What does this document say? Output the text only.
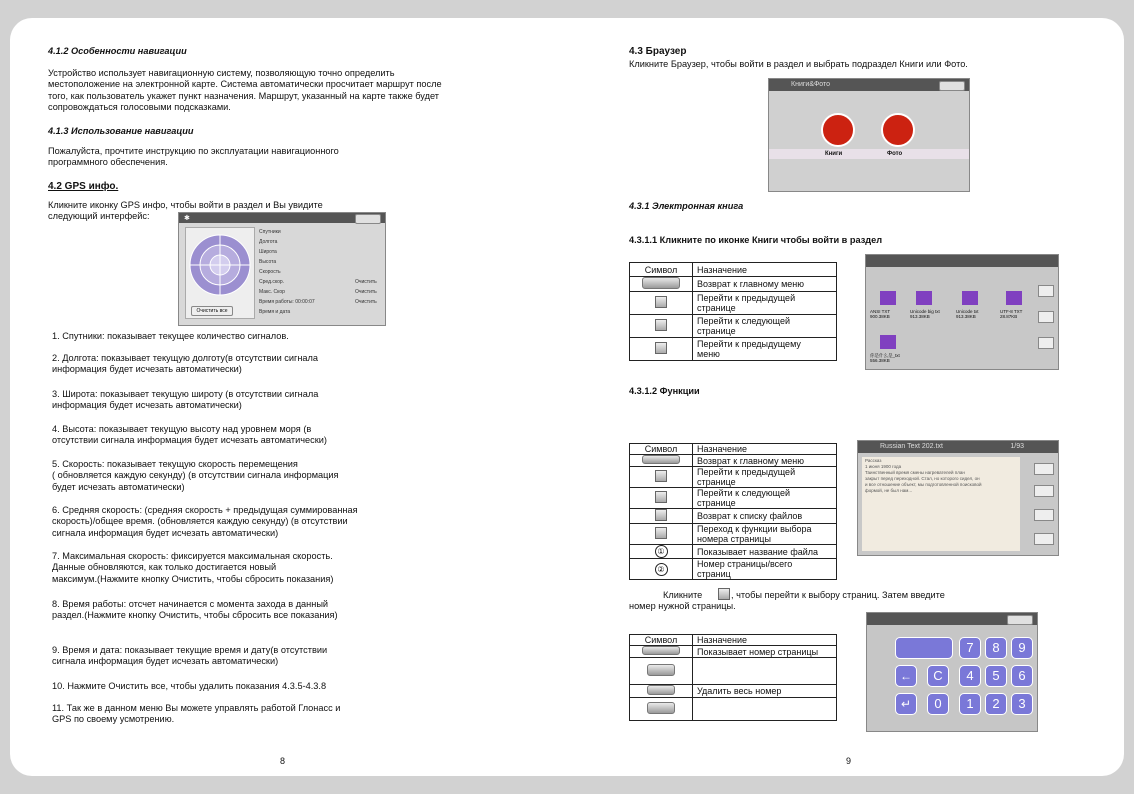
4.1.2 Особенности навигации
Устройство использует навигационную систему, позволяющую точно определить
местоположение на электронной карте. Система автоматически просчитает маршрут после
того, как пользователь укажет пункт назначения. Маршрут, указанный на карте также будет
сопровождаться голосовыми подсказками.
4.1.3 Использование навигации
Пожалуйста, прочтите инструкцию по эксплуатации навигационного
программного обеспечения.
4.2 GPS инфо.
Кликните иконку GPS инфо, чтобы войти в раздел и Вы увидите
следующий интерфейс:	✱
Очистить все
Спутники
Долгота
Широта
Высота
Скорость
Сред.скор.
Макс. Скор
Время работы: 00:00:07
Время и дата
Очистить
Очистить
Очистить
1. Спутники: показывает текущее количество сигналов.
2. Долгота: показывает текущую долготу(в отсутствии сигнала
информация будет исчезать автоматически)
3. Широта: показывает текущую широту (в отсутствии сигнала
информация будет исчезать автоматически)
4. Высота: показывает текущую высоту над уровнем моря (в
отсутствии сигнала информация будет исчезать автоматически)
5. Скорость: показывает текущую скорость перемещения
( обновляется каждую секунду) (в отсутствии сигнала информация
будет исчезать автоматически)
6. Средняя скорость: (средняя скорость + предыдущая суммированная
скорость)/общее время. (обновляется каждую секунду) (в отсутствии
сигнала информация будет исчезать автоматически)
7. Максимальная скорость: фиксируется максимальная скорость.
Данные обновляются, как только достигается новый
максимум.(Нажмите кнопку Очистить, чтобы сбросить показания)
8. Время работы: отсчет начинается с момента захода в данный
раздел.(Нажмите кнопку Очистить, чтобы сбросить все показания)
9. Время и дата: показывает текущие время и дату(в отсутствии
сигнала информация будет исчезать автоматически)
10. Нажмите Очистить все, чтобы удалить показания 4.3.5-4.3.8
11. Так же в данном меню Вы можете управлять работой Глонасс и
GPS по своему усмотрению.
8
4.3 Браузер
Кликните Браузер, чтобы войти в раздел и выбрать подраздел Книги или Фото.
Книги&Фото
Книги	Фото
4.3.1 Электронная книга
4.3.1.1 Кликните по иконке Книги чтобы войти в раздел
Символ	Назначение
	Возврат к главному меню
	Перейти к предыдущей
странице
	Перейти к следующей
странице
	Перейти к предыдущему
меню
ANSI TXT
900.38KB
Unicode big txt
913.38KB
Unicode txt
913.38KB
UTF-8 TXT
28.87KB
你是什么是_txt
556.38KB
4.3.1.2 Функции
Символ	Назначение
	Возврат к главному меню
	Перейти к предыдущей
странице
	Перейти к следующей
странице
	Возврат к списку файлов
	Переход к функции выбора
номера страницы
①	Показывает название файла
②	Номер страницы/всего
страниц
Russian Text 202.txt	1/93
Рассказ
1 июня 1900 года
Таинственный время смены нагревателей план
закрыт перед переходной. Стал, но которого сидел, он
и все отношение объект, мы подготовленной поисковой
формой, не был нам...
Кликните	, чтобы перейти к выбору страниц. Затем введите
номер нужной страницы.
Символ	Назначение
	Показывает номер страницы

	Удалить весь номер

7	8	9
←	C	4	5	6
↵	0	1	2	3
9
